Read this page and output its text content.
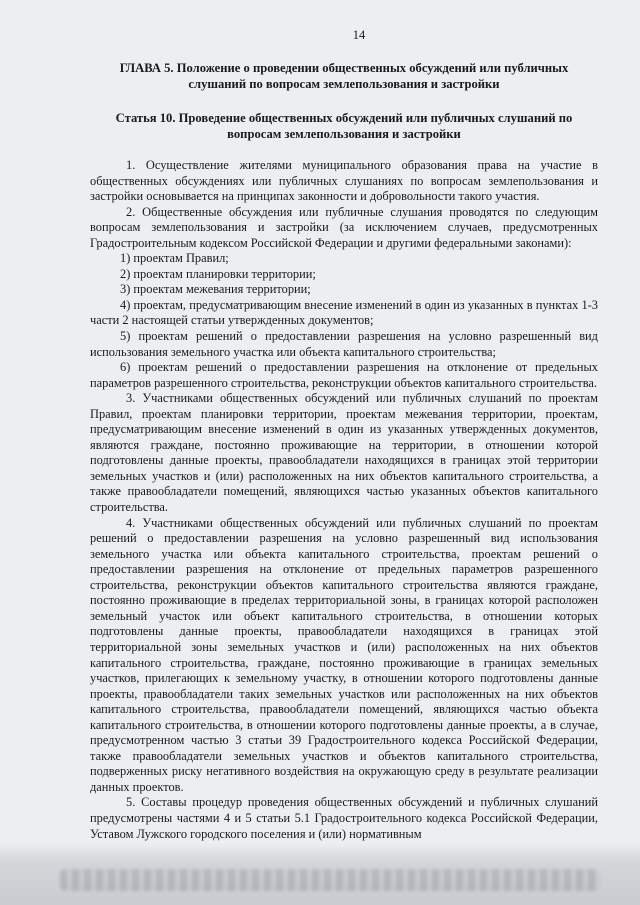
14
ГЛАВА 5. Положение о проведении общественных обсуждений или публичных слушаний по вопросам землепользования и застройки
Статья 10. Проведение общественных обсуждений или публичных слушаний по вопросам землепользования и застройки

1. Осуществление жителями муниципального образования права на участие в общественных обсуждениях или публичных слушаниях по вопросам землепользования и застройки основывается на принципах законности и добровольности такого участия.

2. Общественные обсуждения или публичные слушания проводятся по следующим вопросам землепользования и застройки (за исключением случаев, предусмотренных Градостроительным кодексом Российской Федерации и другими федеральными законами):

1) проектам Правил;

2) проектам планировки территории;

3) проектам межевания территории;

4) проектам, предусматривающим внесение изменений в один из указанных в пунктах 1-3 части 2 настоящей статьи утвержденных документов;

5) проектам решений о предоставлении разрешения на условно разрешенный вид использования земельного участка или объекта капитального строительства;

6) проектам решений о предоставлении разрешения на отклонение от предельных параметров разрешенного строительства, реконструкции объектов капитального строительства.

3. Участниками общественных обсуждений или публичных слушаний по проектам Правил, проектам планировки территории, проектам межевания территории, проектам, предусматривающим внесение изменений в один из указанных утвержденных документов, являются граждане, постоянно проживающие на территории, в отношении которой подготовлены данные проекты, правообладатели находящихся в границах этой территории земельных участков и (или) расположенных на них объектов капитального строительства, а также правообладатели помещений, являющихся частью указанных объектов капитального строительства.

4. Участниками общественных обсуждений или публичных слушаний по проектам решений о предоставлении разрешения на условно разрешенный вид использования земельного участка или объекта капитального строительства, проектам решений о предоставлении разрешения на отклонение от предельных параметров разрешенного строительства, реконструкции объектов капитального строительства являются граждане, постоянно проживающие в пределах территориальной зоны, в границах которой расположен земельный участок или объект капитального строительства, в отношении которых подготовлены данные проекты, правообладатели находящихся в границах этой территориальной зоны земельных участков и (или) расположенных на них объектов капитального строительства, граждане, постоянно проживающие в границах земельных участков, прилегающих к земельному участку, в отношении которого подготовлены данные проекты, правообладатели таких земельных участков или расположенных на них объектов капитального строительства, правообладатели помещений, являющихся частью объекта капитального строительства, в отношении которого подготовлены данные проекты, а в случае, предусмотренном частью 3 статьи 39 Градостроительного кодекса Российской Федерации, также правообладатели земельных участков и объектов капитального строительства, подверженных риску негативного воздействия на окружающую среду в результате реализации данных проектов.

5. Составы процедур проведения общественных обсуждений и публичных слушаний предусмотрены частями 4 и 5 статьи 5.1 Градостроительного кодекса Российской Федерации, Уставом Лужского городского поселения и (или) нормативным
